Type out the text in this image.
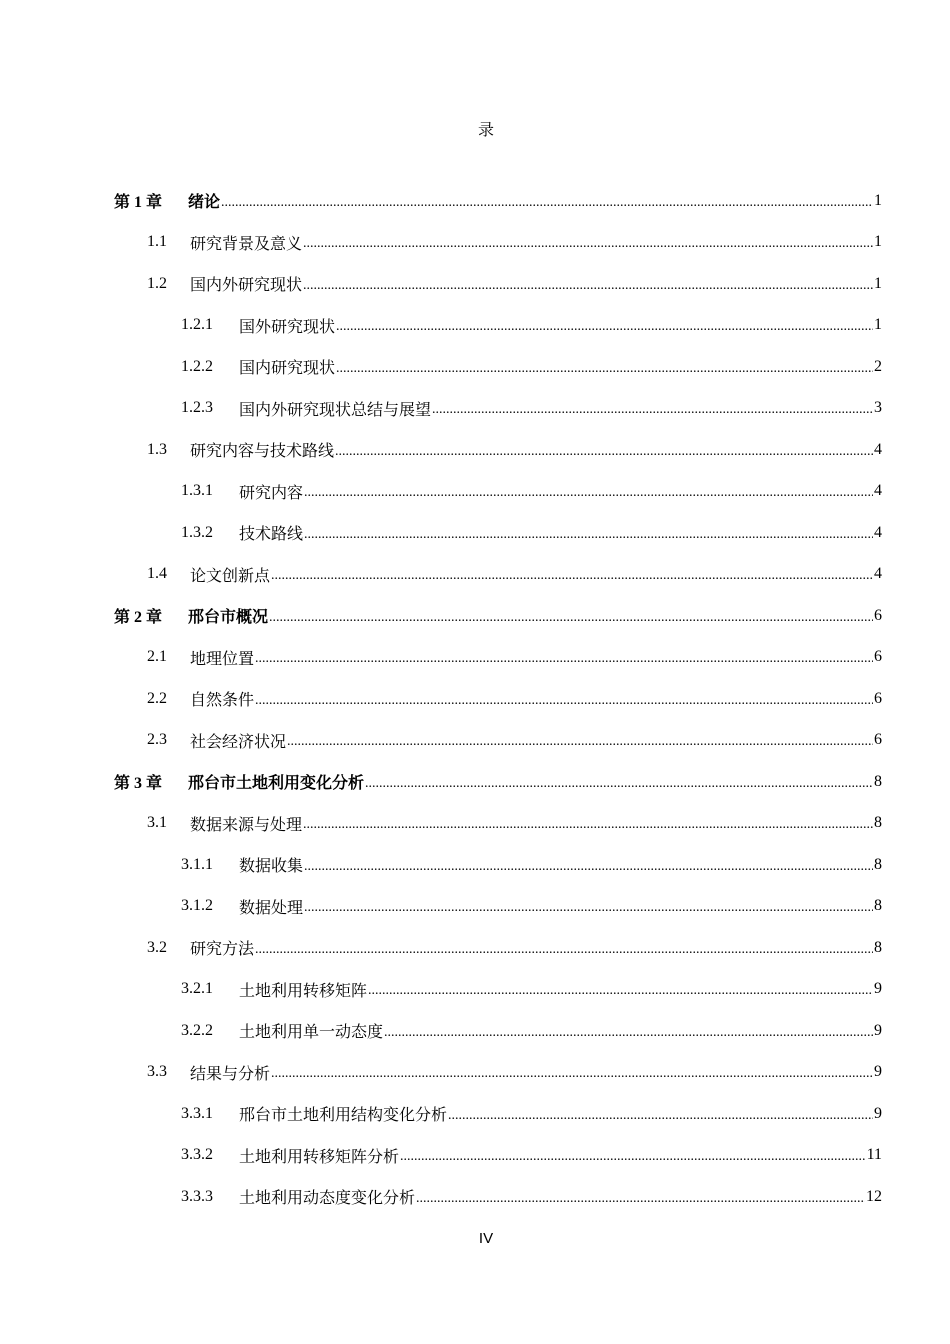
录
第 1 章	绪论 .....	1
1.1	研究背景及意义 .....	1
1.2	国内外研究现状 .....	1
1.2.1	国外研究现状 .....	1
1.2.2	国内研究现状 .....	2
1.2.3	国内外研究现状总结与展望 .....	3
1.3	研究内容与技术路线 .....	4
1.3.1	研究内容 .....	4
1.3.2	技术路线 .....	4
1.4	论文创新点 .....	4
第 2 章	邢台市概况 .....	6
2.1	地理位置 .....	6
2.2	自然条件 .....	6
2.3	社会经济状况 .....	6
第 3 章	邢台市土地利用变化分析 .....	8
3.1	数据来源与处理 .....	8
3.1.1	数据收集 .....	8
3.1.2	数据处理 .....	8
3.2	研究方法 .....	8
3.2.1	土地利用转移矩阵 .....	9
3.2.2	土地利用单一动态度 .....	9
3.3	结果与分析 .....	9
3.3.1	邢台市土地利用结构变化分析 .....	9
3.3.2	土地利用转移矩阵分析 .....	11
3.3.3	土地利用动态度变化分析 .....	12
IV
